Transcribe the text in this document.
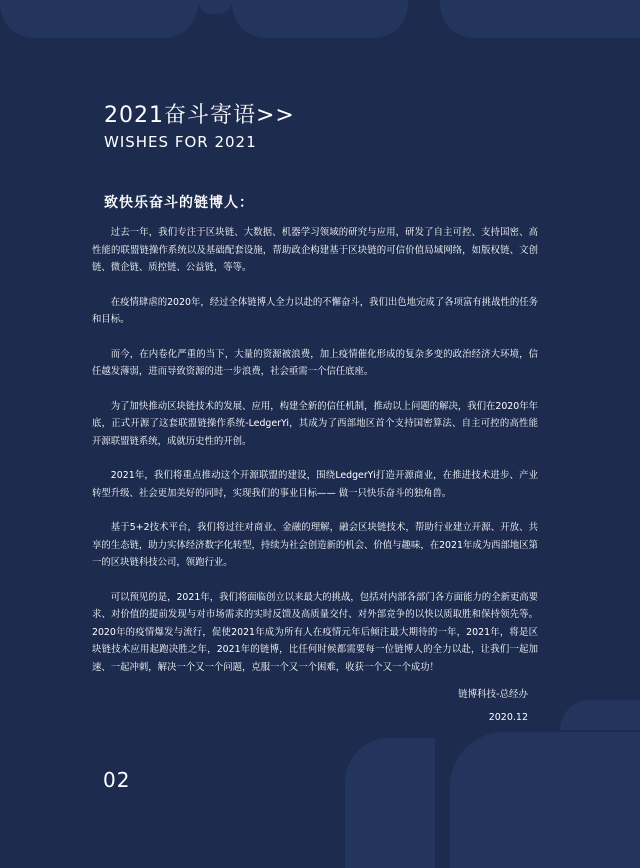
2021奋斗寄语>>
WISHES FOR 2021
致快乐奋斗的链博人：

过去一年，我们专注于区块链、大数据、机器学习领域的研究与应用，研发了自主可控、支持国密、高性能的联盟链操作系统以及基础配套设施，帮助政企构建基于区块链的可信价值局域网络，如版权链、文创链、微企链、质控链、公益链，等等。

在疫情肆虐的2020年，经过全体链博人全力以赴的不懈奋斗，我们出色地完成了各项富有挑战性的任务和目标。

而今，在内卷化严重的当下，大量的资源被浪费，加上疫情催化形成的复杂多变的政治经济大环境，信任越发薄弱，进而导致资源的进一步浪费，社会亟需一个信任底座。

为了加快推动区块链技术的发展、应用，构建全新的信任机制，推动以上问题的解决，我们在2020年年底，正式开源了这套联盟链操作系统-LedgerYi，其成为了西部地区首个支持国密算法、自主可控的高性能开源联盟链系统，成就历史性的开创。

2021年，我们将重点推动这个开源联盟的建设，围绕LedgerYi打造开源商业，在推进技术进步、产业转型升级、社会更加美好的同时，实现我们的事业目标—— 做一只快乐奋斗的独角兽。

基于5+2技术平台，我们将过往对商业、金融的理解，融会区块链技术，帮助行业建立开源、开放、共享的生态链，助力实体经济数字化转型，持续为社会创造新的机会、价值与趣味，在2021年成为西部地区第一的区块链科技公司，领跑行业。

可以预见的是，2021年，我们将面临创立以来最大的挑战，包括对内部各部门各方面能力的全新更高要求、对价值的提前发现与对市场需求的实时反馈及高质量交付、对外部竞争的以快以质取胜和保持领先等。2020年的疫情爆发与流行，促使2021年成为所有人在疫情元年后倾注最大期待的一年，2021年，将是区块链技术应用起跑决胜之年，2021年的链博，比任何时候都需要每一位链博人的全力以赴，让我们一起加速、一起冲刺，解决一个又一个问题，克服一个又一个困难，收获一个又一个成功！

链博科技-总经办
2020.12
02
